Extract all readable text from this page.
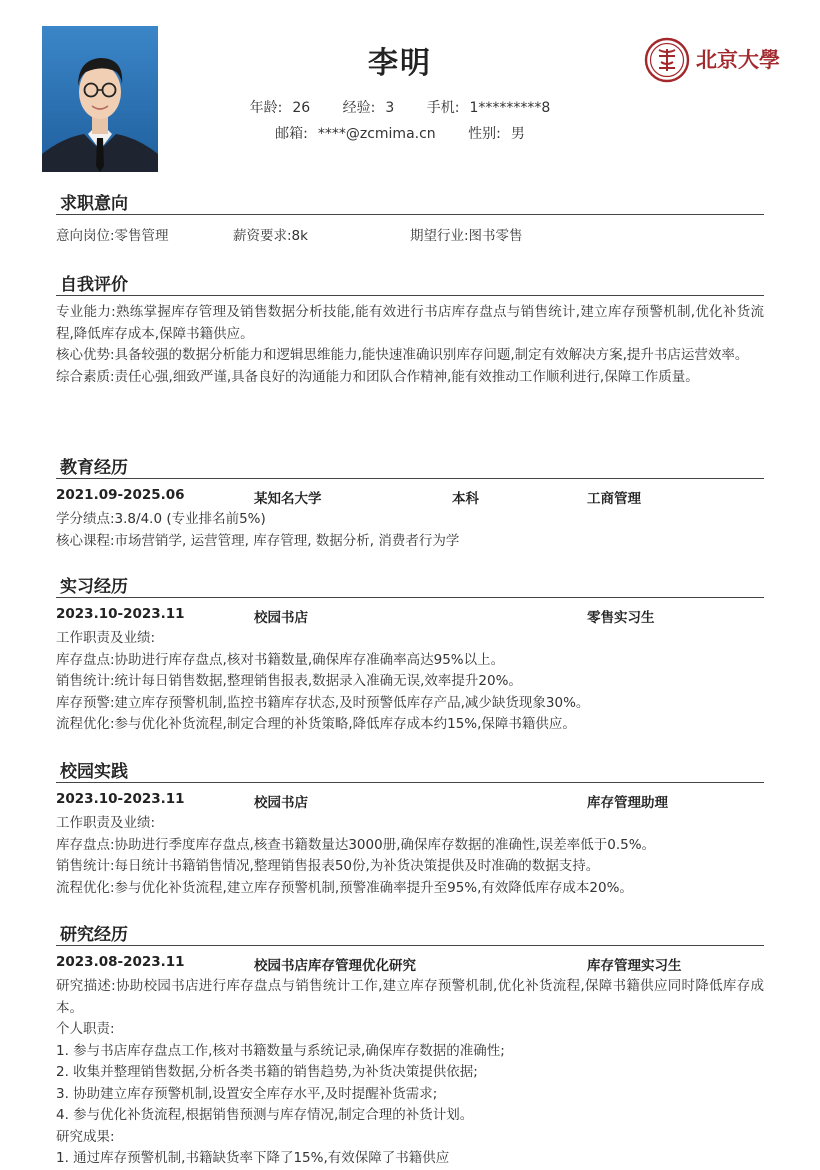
李明
年龄: 26 经验: 3 手机: 1*********8
邮箱: ****@zcmima.cn 性别: 男
北京大學
求职意向
意向岗位:零售管理	薪资要求:8k	期望行业:图书零售
自我评价

专业能力:熟练掌握库存管理及销售数据分析技能,能有效进行书店库存盘点与销售统计,建立库存预警机制,优化补货流程,降低库存成本,保障书籍供应。

核心优势:具备较强的数据分析能力和逻辑思维能力,能快速准确识别库存问题,制定有效解决方案,提升书店运营效率。

综合素质:责任心强,细致严谨,具备良好的沟通能力和团队合作精神,能有效推动工作顺利进行,保障工作质量。

教育经历
2021.09-2025.06	某知名大学	本科	工商管理

学分绩点:3.8/4.0 (专业排名前5%)

核心课程:市场营销学, 运营管理, 库存管理, 数据分析, 消费者行为学

实习经历
2023.10-2023.11	校园书店	零售实习生

工作职责及业绩:

库存盘点:协助进行库存盘点,核对书籍数量,确保库存准确率高达95%以上。

销售统计:统计每日销售数据,整理销售报表,数据录入准确无误,效率提升20%。

库存预警:建立库存预警机制,监控书籍库存状态,及时预警低库存产品,减少缺货现象30%。

流程优化:参与优化补货流程,制定合理的补货策略,降低库存成本约15%,保障书籍供应。

校园实践
2023.10-2023.11	校园书店	库存管理助理

工作职责及业绩:

库存盘点:协助进行季度库存盘点,核查书籍数量达3000册,确保库存数据的准确性,误差率低于0.5%。

销售统计:每日统计书籍销售情况,整理销售报表50份,为补货决策提供及时准确的数据支持。

流程优化:参与优化补货流程,建立库存预警机制,预警准确率提升至95%,有效降低库存成本20%。

研究经历
2023.08-2023.11	校园书店库存管理优化研究	库存管理实习生

研究描述:协助校园书店进行库存盘点与销售统计工作,建立库存预警机制,优化补货流程,保障书籍供应同时降低库存成本。

个人职责:

1. 参与书店库存盘点工作,核对书籍数量与系统记录,确保库存数据的准确性;

2. 收集并整理销售数据,分析各类书籍的销售趋势,为补货决策提供依据;

3. 协助建立库存预警机制,设置安全库存水平,及时提醒补货需求;

4. 参与优化补货流程,根据销售预测与库存情况,制定合理的补货计划。

研究成果:

1. 通过库存预警机制,书籍缺货率下降了15%,有效保障了书籍供应
